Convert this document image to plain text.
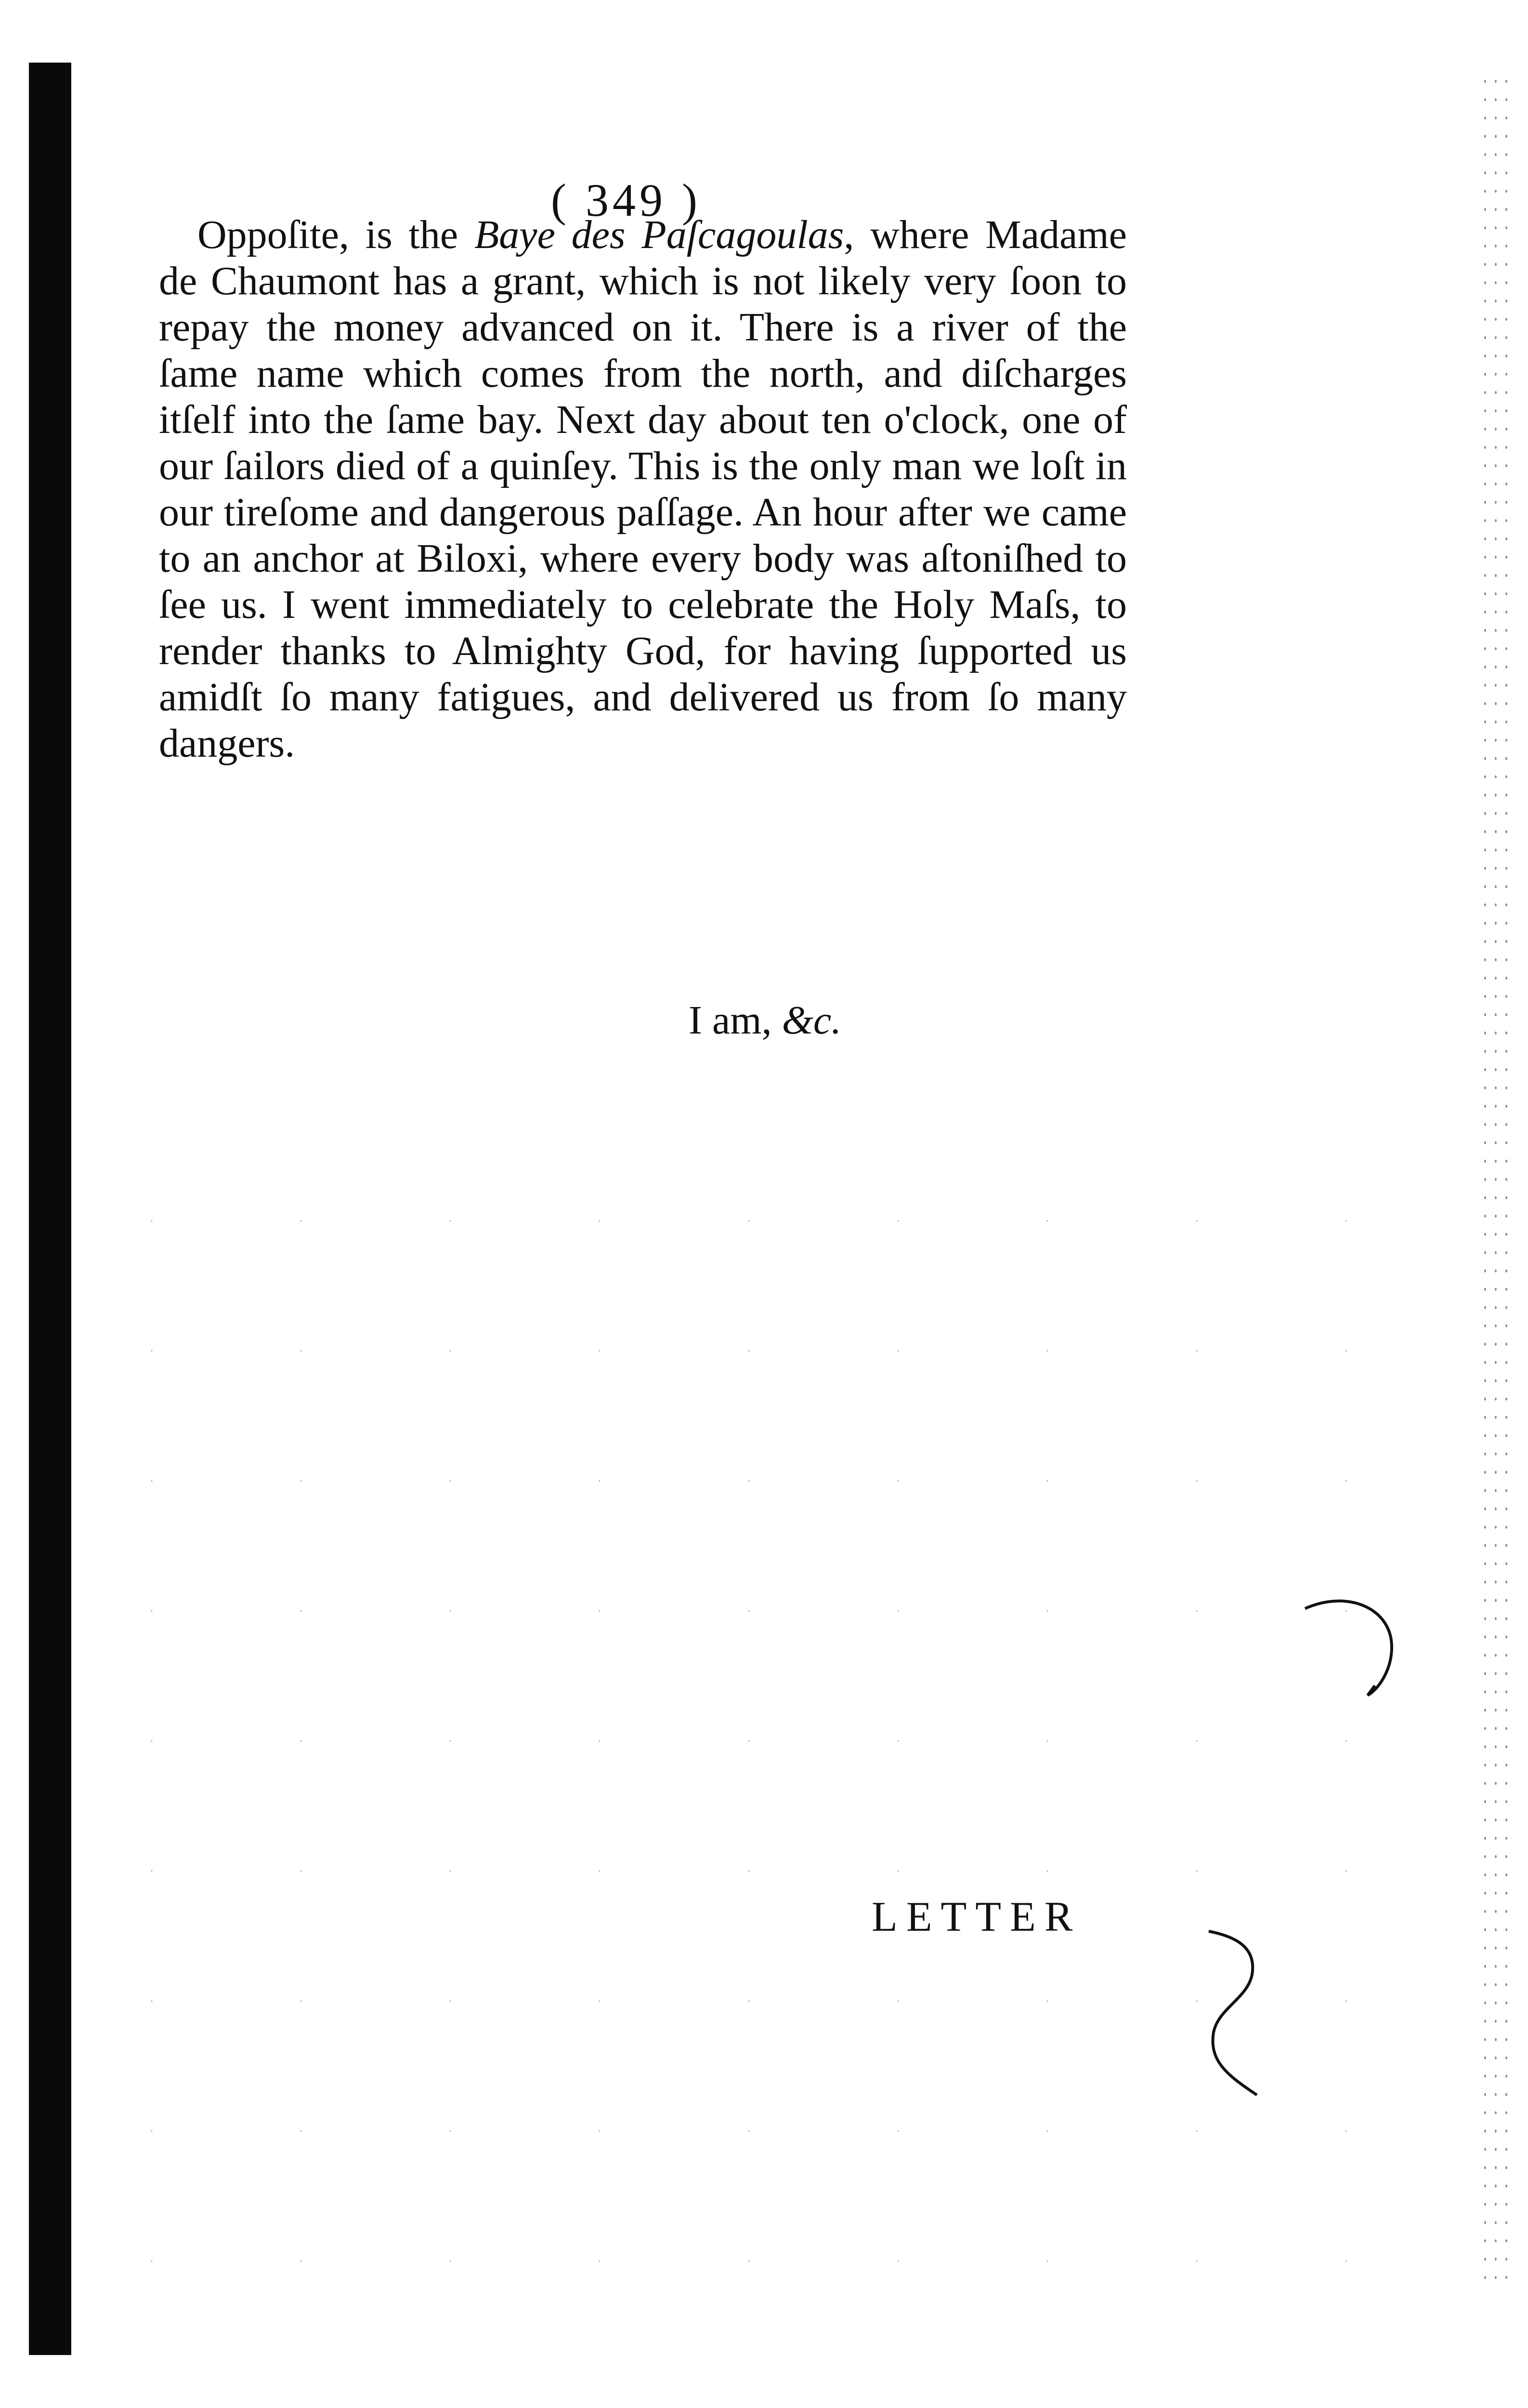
( 349 )

Oppoſite, is the Baye des Paſcagoulas, where Madame de Chaumont has a grant, which is not likely very ſoon to repay the money advanced on it. There is a river of the ſame name which comes from the north, and diſcharges itſelf into the ſame bay. Next day about ten o'clock, one of our ſailors died of a quinſey. This is the only man we loſt in our tireſome and dangerous paſſage. An hour after we came to an anchor at Biloxi, where every body was aſtoniſhed to ſee us. I went immediately to celebrate the Holy Maſs, to render thanks to Almighty God, for having ſupported us amidſt ſo many fatigues, and delivered us from ſo many dangers.

I am, &c.
LETTER
